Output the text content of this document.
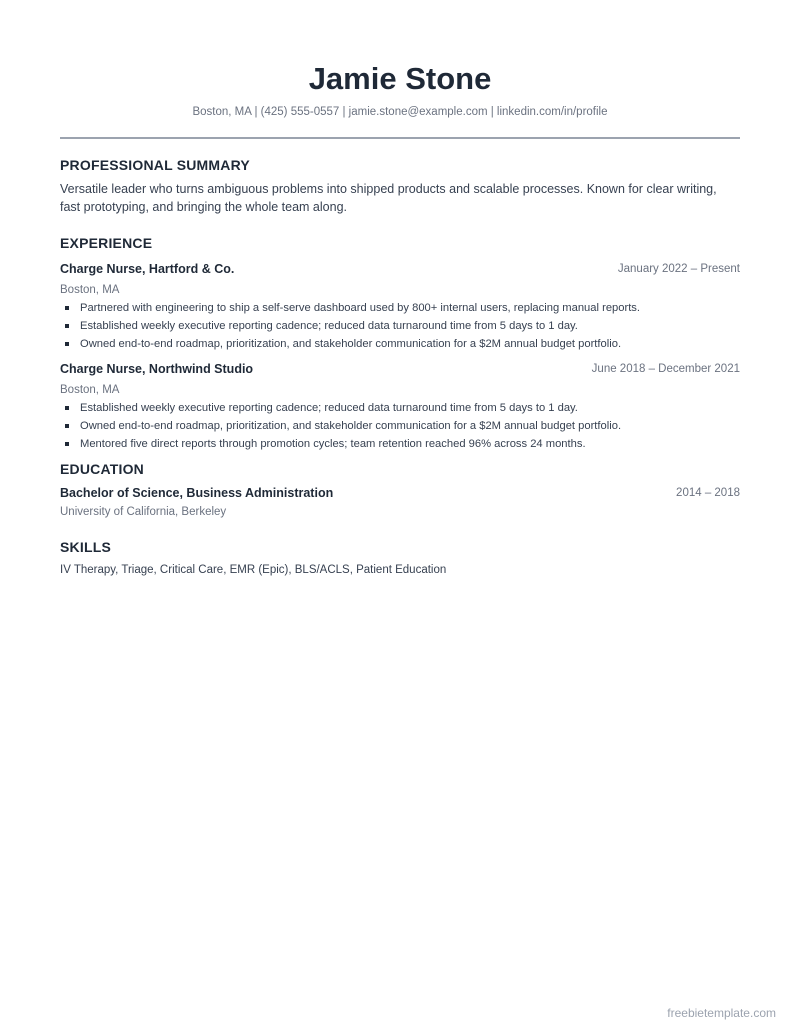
Jamie Stone
Boston, MA | (425) 555-0557 | jamie.stone@example.com | linkedin.com/in/profile
PROFESSIONAL SUMMARY
Versatile leader who turns ambiguous problems into shipped products and scalable processes. Known for clear writing, fast prototyping, and bringing the whole team along.
EXPERIENCE
Charge Nurse, Hartford & Co.	January 2022 – Present
Boston, MA
Partnered with engineering to ship a self-serve dashboard used by 800+ internal users, replacing manual reports.
Established weekly executive reporting cadence; reduced data turnaround time from 5 days to 1 day.
Owned end-to-end roadmap, prioritization, and stakeholder communication for a $2M annual budget portfolio.
Charge Nurse, Northwind Studio	June 2018 – December 2021
Boston, MA
Established weekly executive reporting cadence; reduced data turnaround time from 5 days to 1 day.
Owned end-to-end roadmap, prioritization, and stakeholder communication for a $2M annual budget portfolio.
Mentored five direct reports through promotion cycles; team retention reached 96% across 24 months.
EDUCATION
Bachelor of Science, Business Administration	2014 – 2018
University of California, Berkeley
SKILLS
IV Therapy, Triage, Critical Care, EMR (Epic), BLS/ACLS, Patient Education
freebietemplate.com
